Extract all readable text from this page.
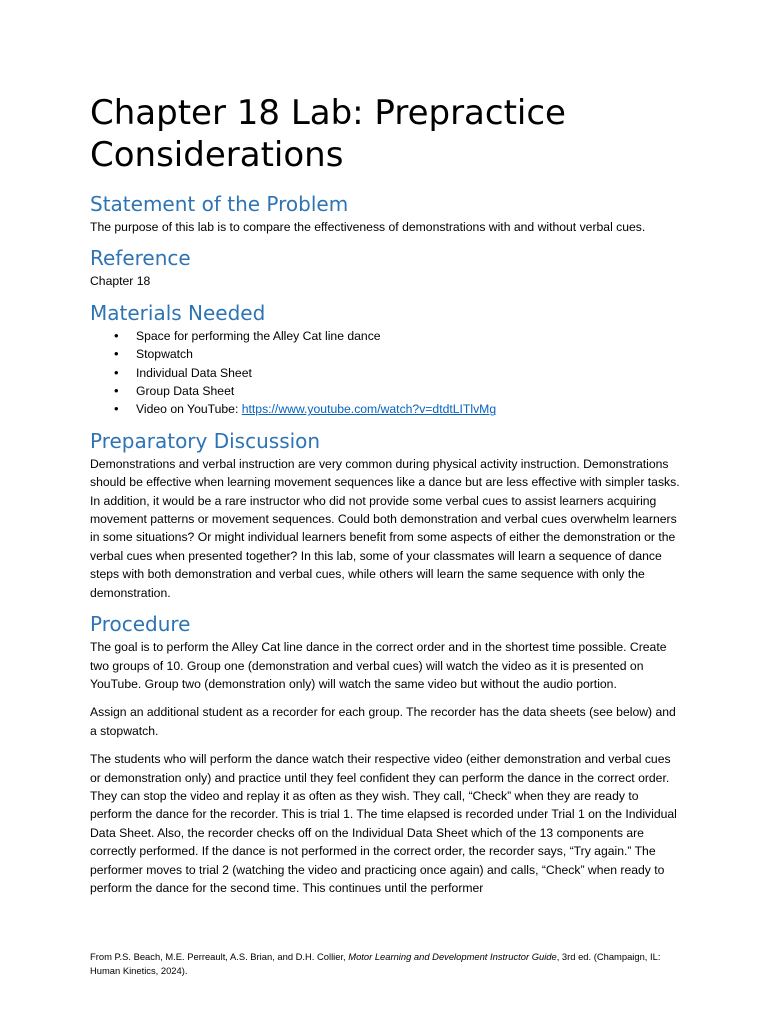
Chapter 18 Lab: Prepractice Considerations
Statement of the Problem

The purpose of this lab is to compare the effectiveness of demonstrations with and without verbal cues.

Reference

Chapter 18

Materials Needed
• Space for performing the Alley Cat line dance
• Stopwatch
• Individual Data Sheet
• Group Data Sheet
• Video on YouTube: https://www.youtube.com/watch?v=dtdtLITlvMg
Preparatory Discussion

Demonstrations and verbal instruction are very common during physical activity instruction. Demonstrations should be effective when learning movement sequences like a dance but are less effective with simpler tasks. In addition, it would be a rare instructor who did not provide some verbal cues to assist learners acquiring movement patterns or movement sequences. Could both demonstration and verbal cues overwhelm learners in some situations? Or might individual learners benefit from some aspects of either the demonstration or the verbal cues when presented together? In this lab, some of your classmates will learn a sequence of dance steps with both demonstration and verbal cues, while others will learn the same sequence with only the demonstration.

Procedure

The goal is to perform the Alley Cat line dance in the correct order and in the shortest time possible. Create two groups of 10. Group one (demonstration and verbal cues) will watch the video as it is presented on YouTube. Group two (demonstration only) will watch the same video but without the audio portion.

Assign an additional student as a recorder for each group. The recorder has the data sheets (see below) and a stopwatch.

The students who will perform the dance watch their respective video (either demonstration and verbal cues or demonstration only) and practice until they feel confident they can perform the dance in the correct order. They can stop the video and replay it as often as they wish. They call, “Check” when they are ready to perform the dance for the recorder. This is trial 1. The time elapsed is recorded under Trial 1 on the Individual Data Sheet. Also, the recorder checks off on the Individual Data Sheet which of the 13 components are correctly performed. If the dance is not performed in the correct order, the recorder says, “Try again.” The performer moves to trial 2 (watching the video and practicing once again) and calls, “Check” when ready to perform the dance for the second time. This continues until the performer

From P.S. Beach, M.E. Perreault, A.S. Brian, and D.H. Collier, Motor Learning and Development Instructor Guide, 3rd ed. (Champaign, IL: Human Kinetics, 2024).
